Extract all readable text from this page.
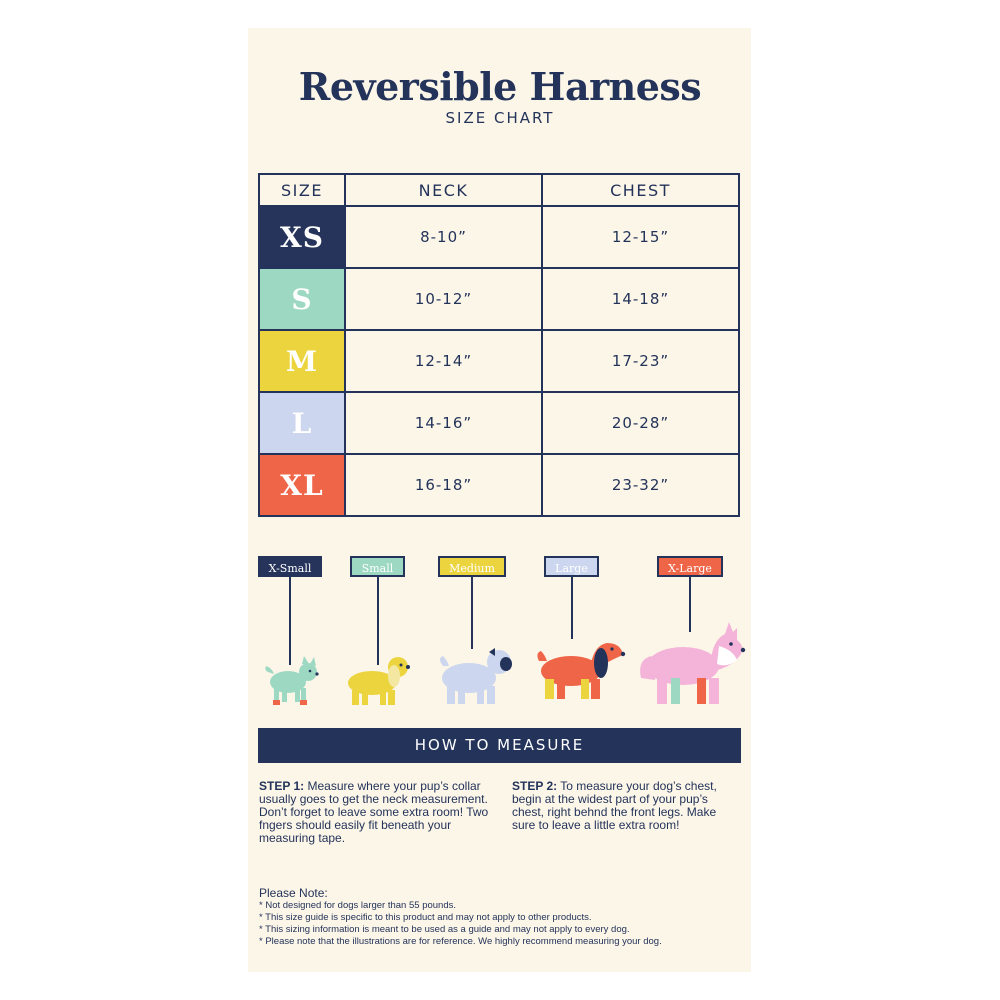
Reversible Harness
SIZE CHART
SIZE	NECK	CHEST
XS	8-10”	12-15”
S	10-12”	14-18”
M	12-14”	17-23”
L	14-16”	20-28”
XL	16-18”	23-32”
X-Small	Small	Medium	Large	X-Large
HOW TO MEASURE
STEP 1: Measure where your pup’s collar usually goes to get the neck measurement. Don’t forget to leave some extra room! Two fngers should easily fit beneath your measuring tape.
STEP 2: To measure your dog’s chest, begin at the widest part of your pup’s chest, right behnd the front legs. Make sure to leave a little extra room!
Please Note:
* Not designed for dogs larger than 55 pounds.
* This size guide is specific to this product and may not apply to other products.
* This sizing information is meant to be used as a guide and may not apply to every dog.
* Please note that the illustrations are for reference. We highly recommend measuring your dog.
